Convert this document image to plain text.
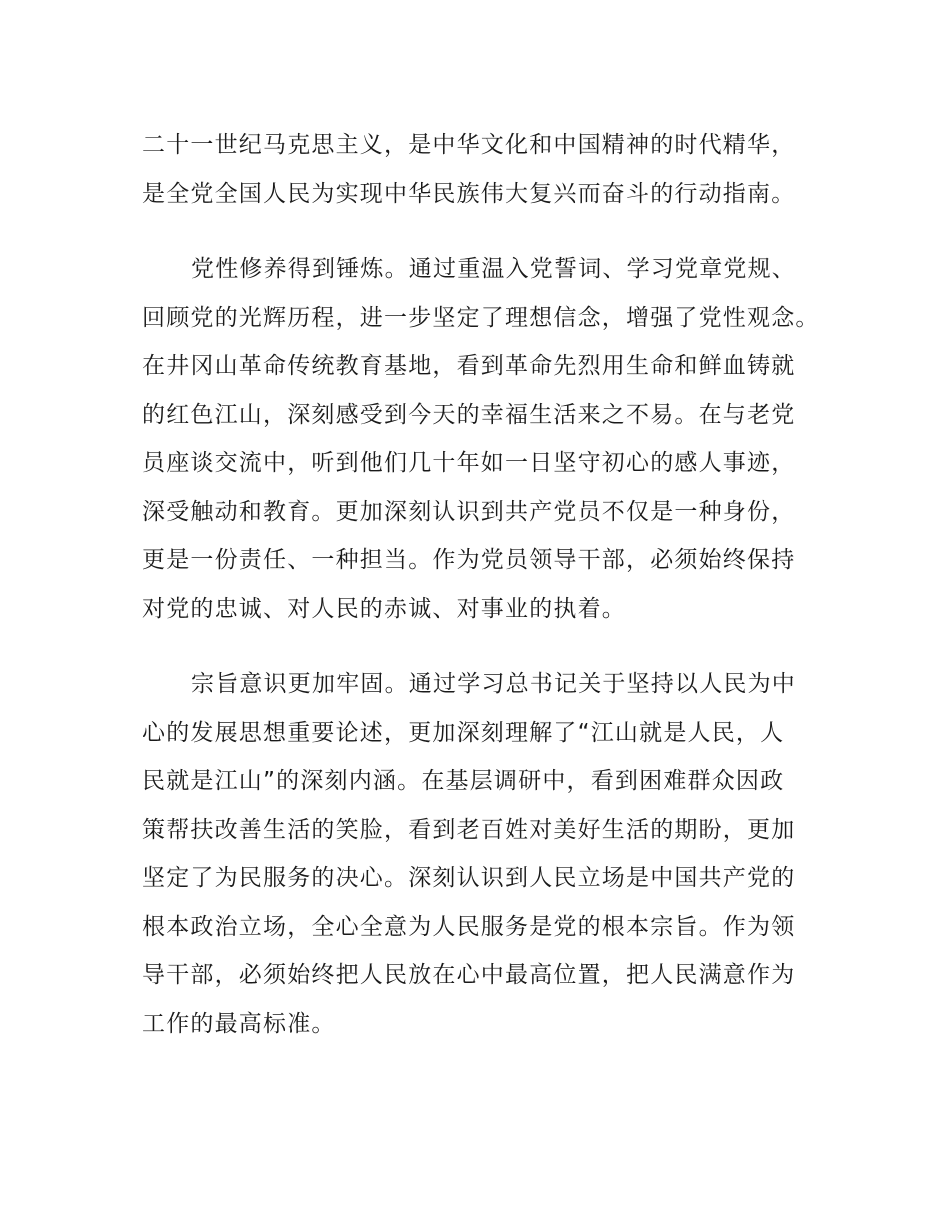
二十一世纪马克思主义，是中华文化和中国精神的时代精华，
是全党全国人民为实现中华民族伟大复兴而奋斗的行动指南。
党性修养得到锤炼。通过重温入党誓词、学习党章党规、
回顾党的光辉历程，进一步坚定了理想信念，增强了党性观念。
在井冈山革命传统教育基地，看到革命先烈用生命和鲜血铸就
的红色江山，深刻感受到今天的幸福生活来之不易。在与老党
员座谈交流中，听到他们几十年如一日坚守初心的感人事迹，
深受触动和教育。更加深刻认识到共产党员不仅是一种身份，
更是一份责任、一种担当。作为党员领导干部，必须始终保持
对党的忠诚、对人民的赤诚、对事业的执着。
宗旨意识更加牢固。通过学习总书记关于坚持以人民为中
心的发展思想重要论述，更加深刻理解了“江山就是人民，人
民就是江山”的深刻内涵。在基层调研中，看到困难群众因政
策帮扶改善生活的笑脸，看到老百姓对美好生活的期盼，更加
坚定了为民服务的决心。深刻认识到人民立场是中国共产党的
根本政治立场，全心全意为人民服务是党的根本宗旨。作为领
导干部，必须始终把人民放在心中最高位置，把人民满意作为
工作的最高标准。
